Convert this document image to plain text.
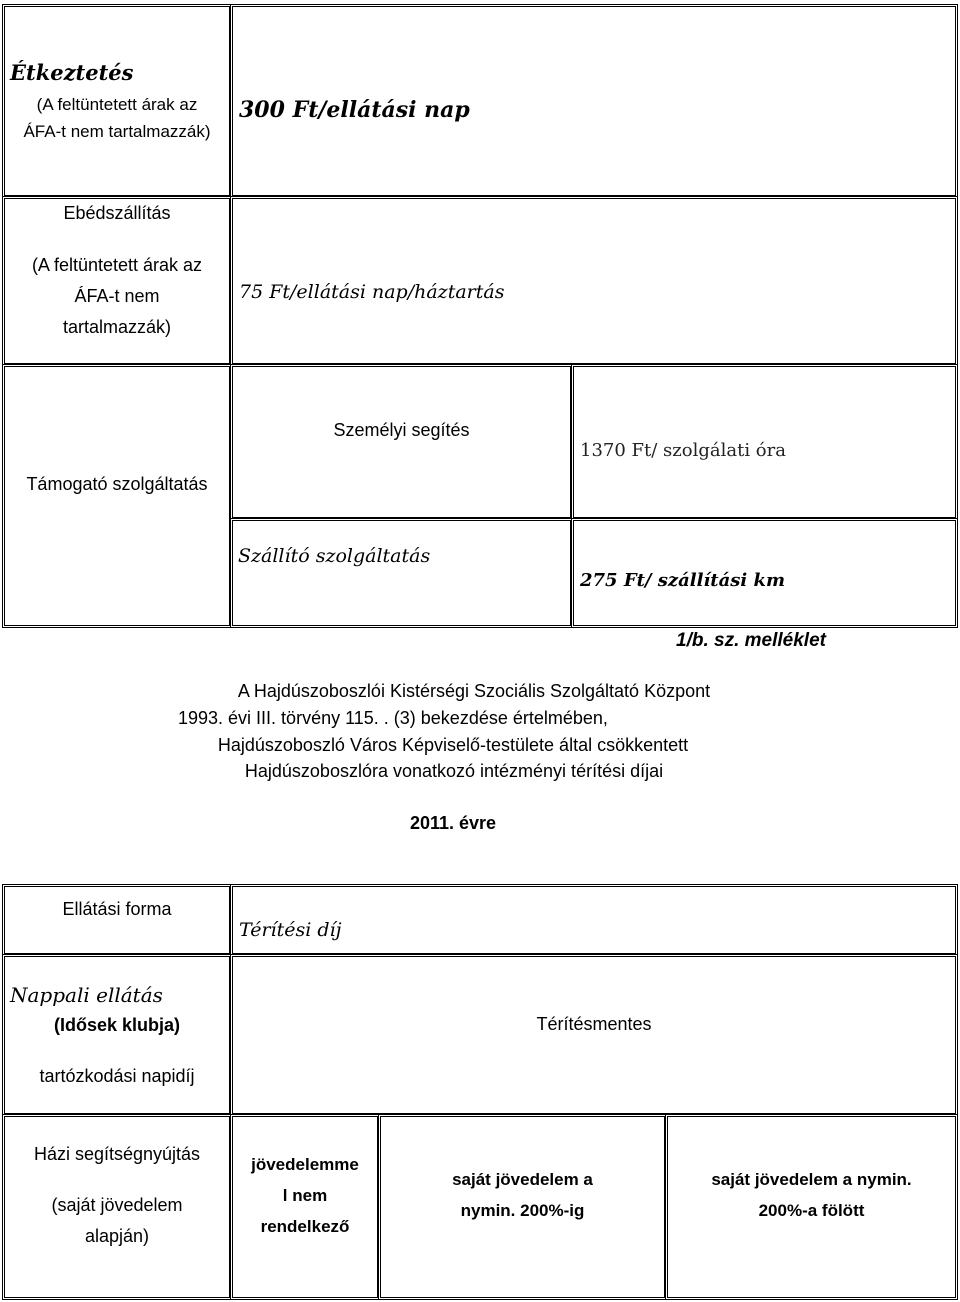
Étkeztetés
(A feltüntetett árak az
ÁFA-t nem tartalmazzák)
300 Ft/ellátási nap
Ebédszállítás
(A feltüntetett árak az
ÁFA-t nem
tartalmazzák)
75 Ft/ellátási nap/háztartás
Támogató szolgáltatás
Személyi segítés
1370 Ft/ szolgálati óra
Szállító szolgáltatás
275 Ft/ szállítási km
1/b. sz. melléklet
A Hajdúszoboszlói Kistérségi Szociális Szolgáltató Központ
1993. évi III. törvény 115. . (3) bekezdése értelmében,
Hajdúszoboszló Város Képviselő-testülete által csökkentett
Hajdúszoboszlóra vonatkozó intézményi térítési díjai
2011. évre
Ellátási forma
Térítési díj
Nappali ellátás
(Idősek klubja)
tartózkodási napidíj
Térítésmentes
Házi segítségnyújtás
(saját jövedelem
alapján)
jövedelemme
l nem
rendelkező
saját jövedelem a
nymin. 200%-ig
saját jövedelem a nymin.
200%-a fölött
